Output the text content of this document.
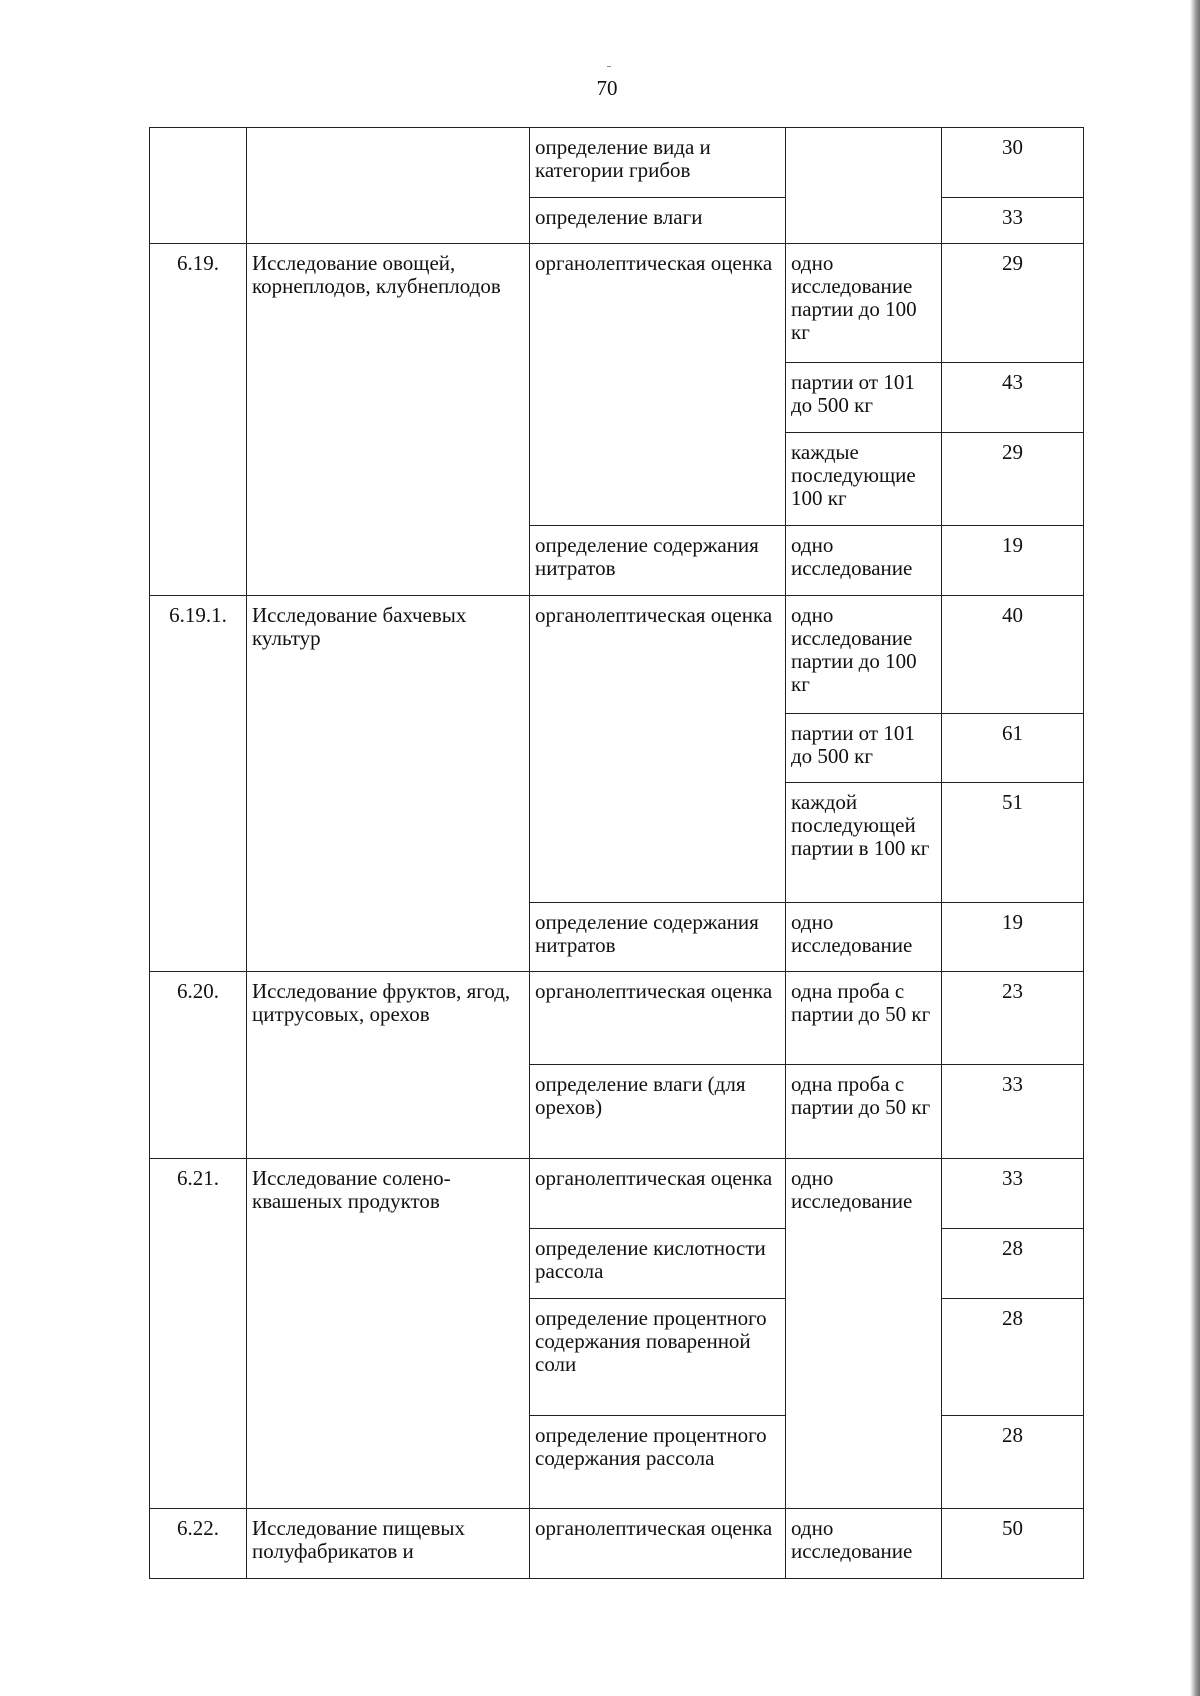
70
		определение вида и категории грибов		30
		определение влаги		33
6.19.	Исследование овощей, корнеплодов, клубнеплодов	органолептическая оценка	одно исследование партии до 100 кг	29
			партии от 101 до 500 кг	43
			каждые последующие 100 кг	29
		определение содержания нитратов	одно исследование	19
6.19.1.	Исследование бахчевых культур	органолептическая оценка	одно исследование партии до 100 кг	40
			партии от 101 до 500 кг	61
			каждой последующей партии в 100 кг	51
		определение содержания нитратов	одно исследование	19
6.20.	Исследование фруктов, ягод, цитрусовых, орехов	органолептическая оценка	одна проба с партии до 50 кг	23
		определение влаги (для орехов)	одна проба с партии до 50 кг	33
6.21.	Исследование солено-квашеных продуктов	органолептическая оценка	одно исследование	33
		определение кислотности рассола		28
		определение процентного содержания поваренной соли		28
		определение процентного содержания рассола		28
6.22.	Исследование пищевых полуфабрикатов и	органолептическая оценка	одно исследование	50
